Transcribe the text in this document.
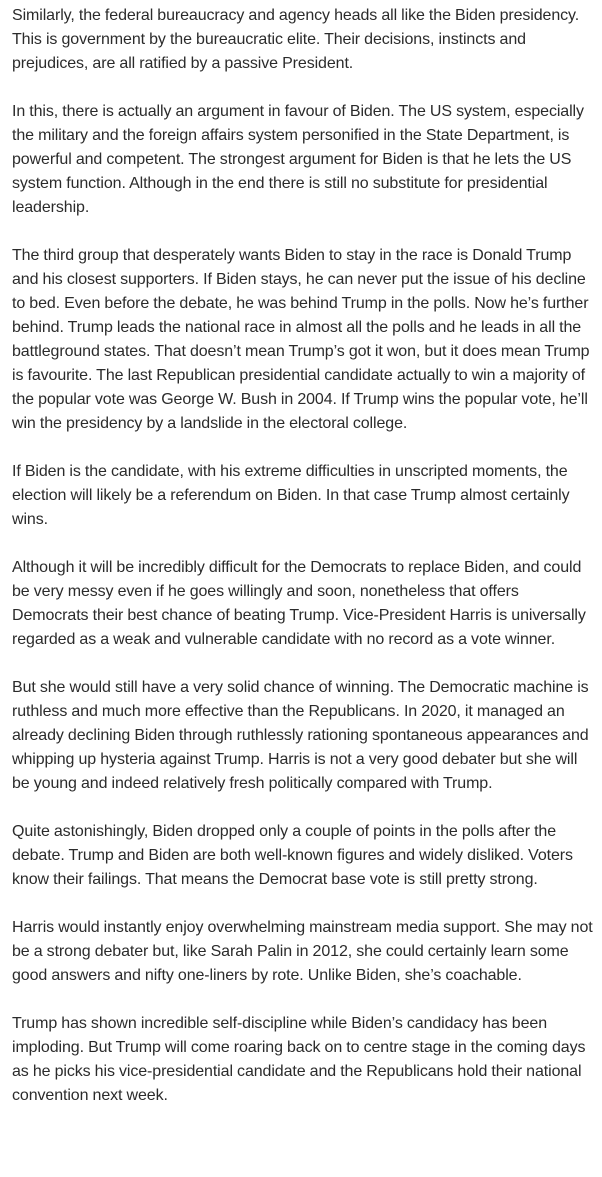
Similarly, the federal bureaucracy and agency heads all like the Biden presidency. This is government by the bureaucratic elite. Their decisions, instincts and prejudices, are all ratified by a passive President.

In this, there is actually an argument in favour of Biden. The US system, especially the military and the foreign affairs system personified in the State Department, is powerful and competent. The strongest argument for Biden is that he lets the US system function. Although in the end there is still no substitute for presidential leadership.

The third group that desperately wants Biden to stay in the race is Donald Trump and his closest supporters. If Biden stays, he can never put the issue of his decline to bed. Even before the debate, he was behind Trump in the polls. Now he’s further behind. Trump leads the national race in almost all the polls and he leads in all the battleground states. That doesn’t mean Trump’s got it won, but it does mean Trump is favourite. The last Republican presidential candidate actually to win a majority of the popular vote was George W. Bush in 2004. If Trump wins the popular vote, he’ll win the presidency by a landslide in the electoral college.

If Biden is the candidate, with his extreme difficulties in unscripted moments, the election will likely be a referendum on Biden. In that case Trump almost certainly wins.

Although it will be incredibly difficult for the Democrats to replace Biden, and could be very messy even if he goes willingly and soon, nonetheless that offers Democrats their best chance of beating Trump. Vice-President Harris is universally regarded as a weak and vulnerable candidate with no record as a vote winner.

But she would still have a very solid chance of winning. The Democratic machine is ruthless and much more effective than the Republicans. In 2020, it managed an already declining Biden through ruthlessly rationing spontaneous appearances and whipping up hysteria against Trump. Harris is not a very good debater but she will be young and indeed relatively fresh politically compared with Trump.

Quite astonishingly, Biden dropped only a couple of points in the polls after the debate. Trump and Biden are both well-known figures and widely disliked. Voters know their failings. That means the Democrat base vote is still pretty strong.

Harris would instantly enjoy overwhelming mainstream media support. She may not be a strong debater but, like Sarah Palin in 2012, she could certainly learn some good answers and nifty one-liners by rote. Unlike Biden, she’s coachable.

Trump has shown incredible self-discipline while Biden’s candidacy has been imploding. But Trump will come roaring back on to centre stage in the coming days as he picks his vice-presidential candidate and the Republicans hold their national convention next week.
